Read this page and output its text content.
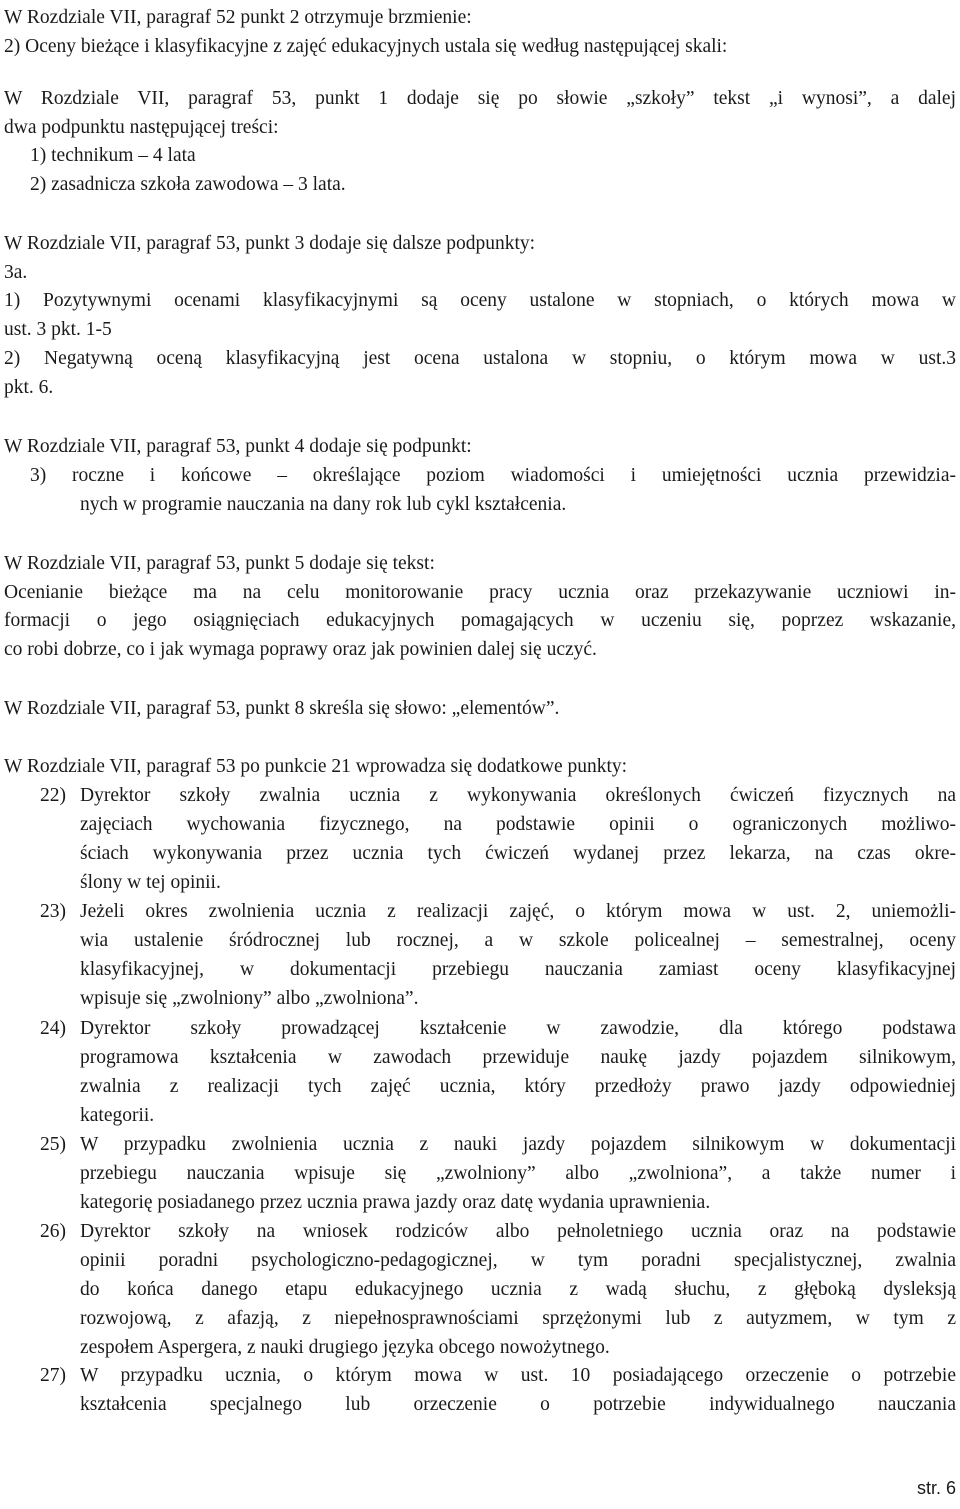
W Rozdziale VII, paragraf 52 punkt 2 otrzymuje brzmienie:
2) Oceny bieżące i klasyfikacyjne z zajęć edukacyjnych ustala się według następującej skali:
W Rozdziale VII, paragraf 53, punkt 1 dodaje się po słowie „szkoły” tekst „i wynosi”, a dalej
dwa podpunktu następującej treści:
1) technikum – 4 lata
2) zasadnicza szkoła zawodowa – 3 lata.
W Rozdziale VII, paragraf 53, punkt 3 dodaje się dalsze podpunkty:
3a.
1) Pozytywnymi ocenami klasyfikacyjnymi są oceny ustalone w stopniach, o których mowa w
ust. 3 pkt. 1-5
2) Negatywną oceną klasyfikacyjną jest ocena ustalona w stopniu, o którym mowa w ust.3
pkt. 6.
W Rozdziale VII, paragraf 53, punkt 4 dodaje się podpunkt:
3) roczne i końcowe – określające poziom wiadomości i umiejętności ucznia przewidzia-
nych w programie nauczania na dany rok lub cykl kształcenia.
W Rozdziale VII, paragraf 53, punkt 5 dodaje się tekst:
Ocenianie bieżące ma na celu monitorowanie pracy ucznia oraz przekazywanie uczniowi in-
formacji o jego osiągnięciach edukacyjnych pomagających w uczeniu się, poprzez wskazanie,
co robi dobrze, co i jak wymaga poprawy oraz jak powinien dalej się uczyć.
W Rozdziale VII, paragraf 53, punkt 8 skreśla się słowo: „elementów”.
W Rozdziale VII, paragraf 53 po punkcie 21 wprowadza się dodatkowe punkty:
22) Dyrektor szkoły zwalnia ucznia z wykonywania określonych ćwiczeń fizycznych na
zajęciach wychowania fizycznego, na podstawie opinii o ograniczonych możliwo-
ściach wykonywania przez ucznia tych ćwiczeń wydanej przez lekarza, na czas okre-
ślony w tej opinii.
23) Jeżeli okres zwolnienia ucznia z realizacji zajęć, o którym mowa w ust. 2, uniemożli-
wia ustalenie śródrocznej lub rocznej, a w szkole policealnej – semestralnej, oceny
klasyfikacyjnej, w dokumentacji przebiegu nauczania zamiast oceny klasyfikacyjnej
wpisuje się „zwolniony” albo „zwolniona”.
24) Dyrektor szkoły prowadzącej kształcenie w zawodzie, dla którego podstawa
programowa kształcenia w zawodach przewiduje naukę jazdy pojazdem silnikowym,
zwalnia z realizacji tych zajęć ucznia, który przedłoży prawo jazdy odpowiedniej
kategorii.
25) W przypadku zwolnienia ucznia z nauki jazdy pojazdem silnikowym w dokumentacji
przebiegu nauczania wpisuje się „zwolniony” albo „zwolniona”, a także numer i
kategorię posiadanego przez ucznia prawa jazdy oraz datę wydania uprawnienia.
26) Dyrektor szkoły na wniosek rodziców albo pełnoletniego ucznia oraz na podstawie
opinii poradni psychologiczno-pedagogicznej, w tym poradni specjalistycznej, zwalnia
do końca danego etapu edukacyjnego ucznia z wadą słuchu, z głęboką dysleksją
rozwojową, z afazją, z niepełnosprawnościami sprzężonymi lub z autyzmem, w tym z
zespołem Aspergera, z nauki drugiego języka obcego nowożytnego.
27) W przypadku ucznia, o którym mowa w ust. 10 posiadającego orzeczenie o potrzebie
kształcenia specjalnego lub orzeczenie o potrzebie indywidualnego nauczania
str. 6
